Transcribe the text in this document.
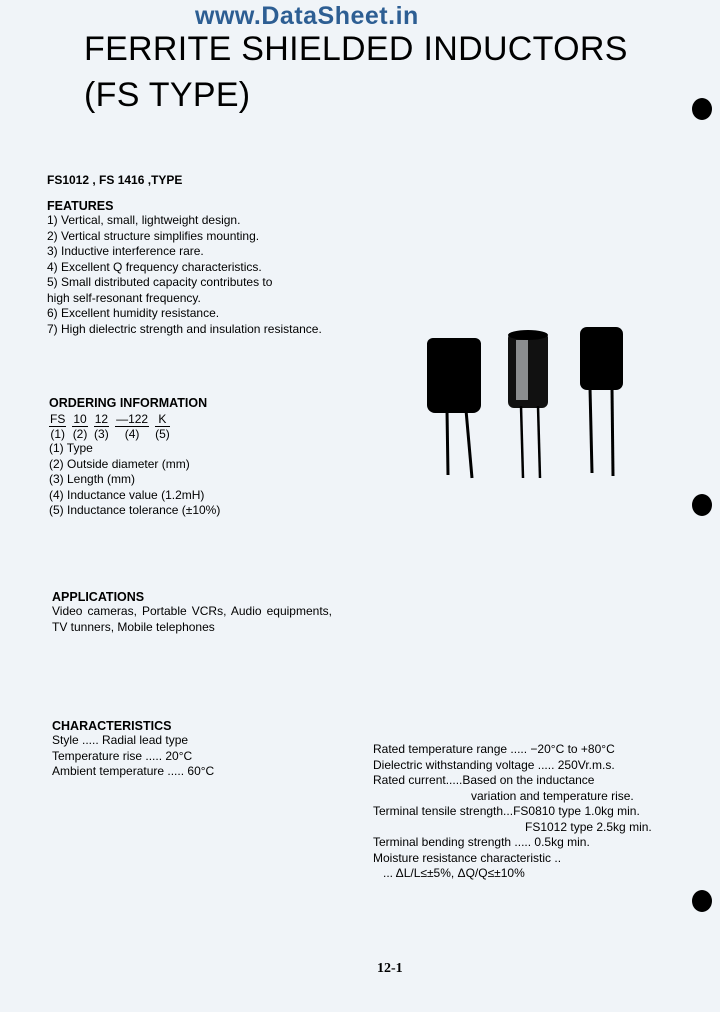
www.DataSheet.in
FERRITE SHIELDED INDUCTORS
(FS TYPE)
FS1012 , FS 1416 ,TYPE
FEATURES
1) Vertical, small, lightweight design.
2) Vertical structure simplifies mounting.
3) Inductive interference rare.
4) Excellent Q frequency characteristics.
5) Small distributed capacity contributes to
high self-resonant frequency.
6) Excellent humidity resistance.
7) High dielectric strength and insulation resistance.
ORDERING INFORMATION
FS
(1)
10
(2)
12
(3)
—122
(4)
K
(5)
(1) Type
(2) Outside diameter (mm)
(3) Length (mm)
(4) Inductance value (1.2mH)
(5) Inductance tolerance (±10%)
APPLICATIONS
Video cameras, Portable VCRs, Audio equipments, TV tunners, Mobile telephones
CHARACTERISTICS
Style ..... Radial lead type
Temperature rise ..... 20°C
Ambient temperature ..... 60°C
Rated temperature range ..... −20°C to +80°C
Dielectric withstanding voltage ..... 250Vr.m.s.
Rated current.....Based on the inductance
variation and temperature rise.
Terminal tensile strength...FS0810 type 1.0kg min.
FS1012 type 2.5kg min.
Terminal bending strength ..... 0.5kg min.
Moisture resistance characteristic ..
... ΔL/L≤±5%, ΔQ/Q≤±10%
12-1
